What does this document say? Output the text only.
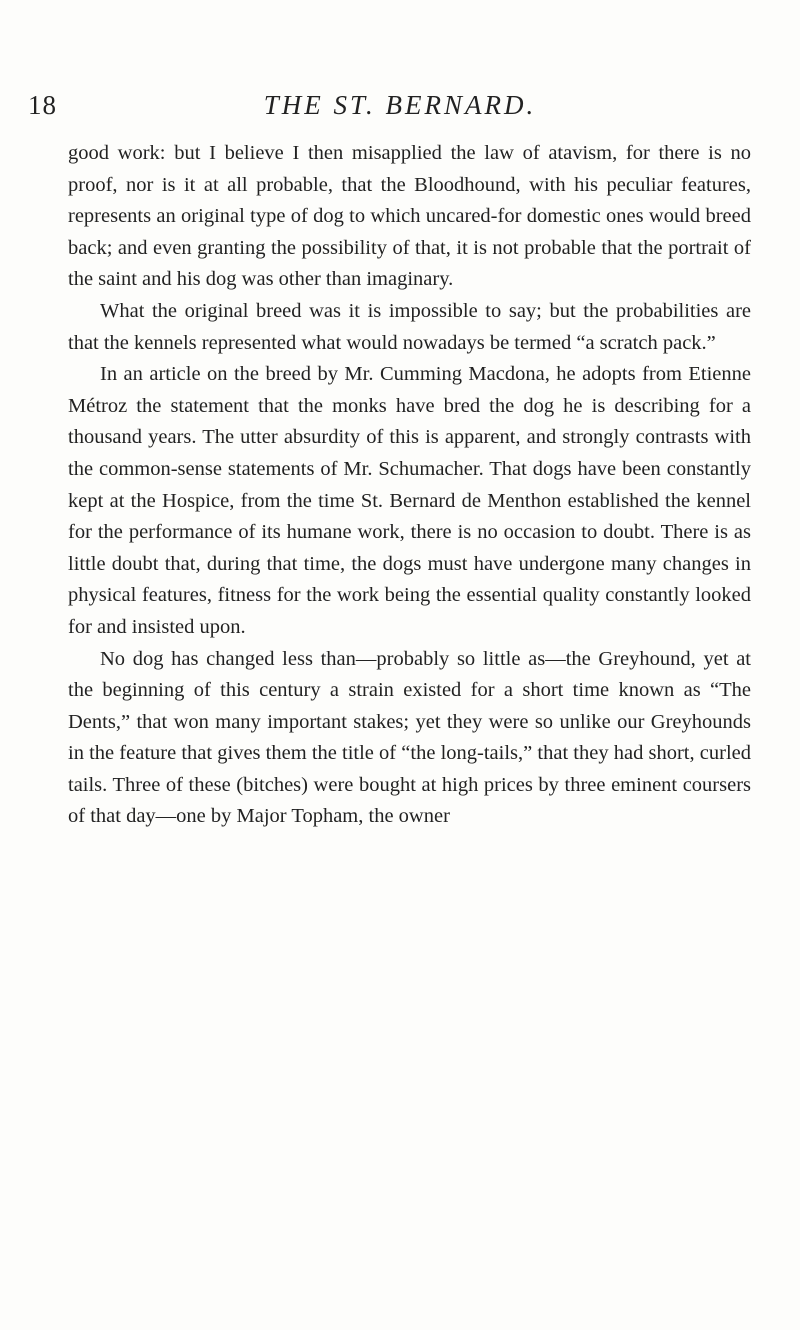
18	THE ST. BERNARD.

good work: but I believe I then misapplied the law of atavism, for there is no proof, nor is it at all probable, that the Bloodhound, with his peculiar features, represents an original type of dog to which uncared-for domestic ones would breed back; and even granting the possibility of that, it is not probable that the portrait of the saint and his dog was other than imaginary.

What the original breed was it is impossible to say; but the probabilities are that the kennels represented what would nowadays be termed “a scratch pack.”

In an article on the breed by Mr. Cumming Macdona, he adopts from Etienne Métroz the statement that the monks have bred the dog he is describing for a thousand years. The utter absurdity of this is apparent, and strongly contrasts with the common-sense statements of Mr. Schumacher. That dogs have been constantly kept at the Hospice, from the time St. Bernard de Menthon established the kennel for the performance of its humane work, there is no occasion to doubt. There is as little doubt that, during that time, the dogs must have undergone many changes in physical features, fitness for the work being the essential quality constantly looked for and insisted upon.

No dog has changed less than—probably so little as—the Greyhound, yet at the beginning of this century a strain existed for a short time known as “The Dents,” that won many important stakes; yet they were so unlike our Greyhounds in the feature that gives them the title of “the long-tails,” that they had short, curled tails. Three of these (bitches) were bought at high prices by three eminent coursers of that day—one by Major Topham, the owner
